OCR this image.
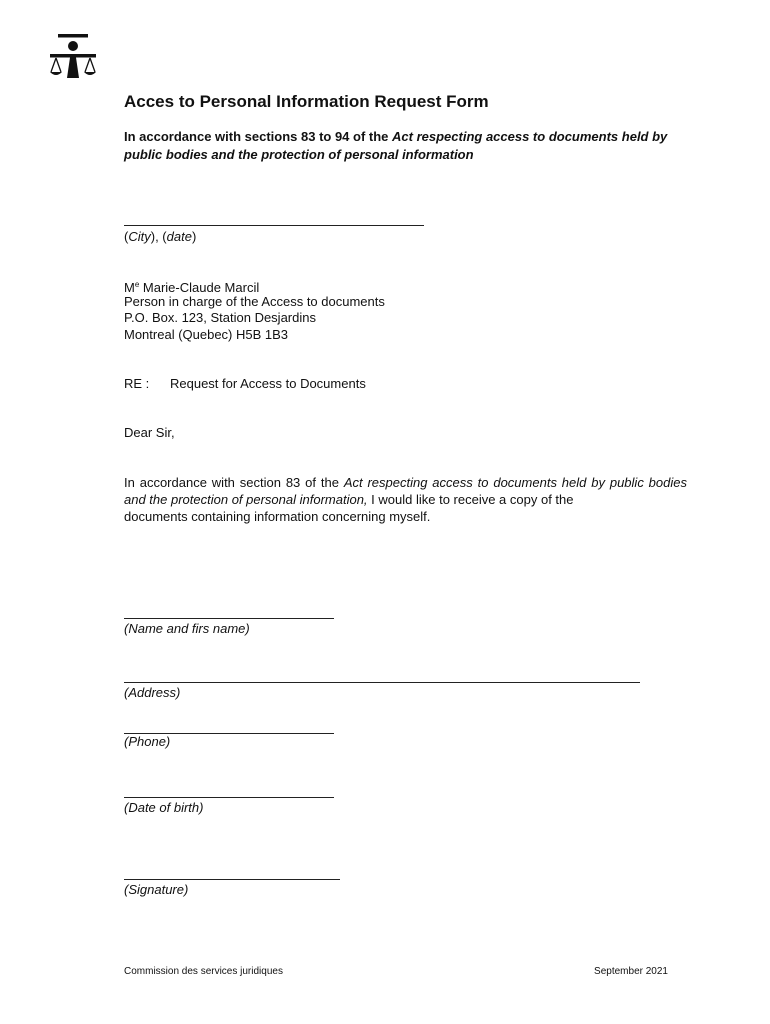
Acces to Personal Information Request Form

In accordance with sections 83 to 94 of the Act respecting access to documents held by public bodies and the protection of personal information

(City), (date)
Me Marie-Claude Marcil
Person in charge of the Access to documents
P.O. Box. 123, Station Desjardins
Montreal (Quebec) H5B 1B3
RE : Request for Access to Documents
Dear Sir,

In accordance with section 83 of the Act respecting access to documents held by public bodies and the protection of personal information, I would like to receive a copy of the

documents containing information concerning myself.
(Name and firs name)
(Address)
(Phone)
(Date of birth)
(Signature)
Commission des services juridiques	September 2021
